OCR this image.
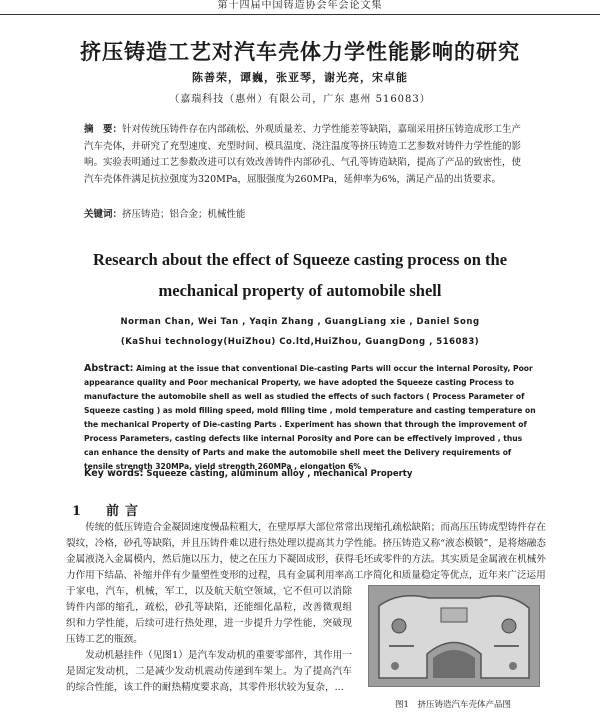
第十四届中国铸造协会年会论文集
挤压铸造工艺对汽车壳体力学性能影响的研究
陈善荣，谭巍，张亚琴，谢光亮，宋卓能
（嘉瑞科技（惠州）有限公司，广东 惠州 516083）
摘　要：针对传统压铸件存在内部疏松、外观质量差、力学性能差等缺陷，嘉瑞采用挤压铸造成形工生产汽车壳体，并研究了充型速度、充型时间、模具温度、浇注温度等挤压铸造工艺参数对铸件力学性能的影响。实验表明通过工艺参数改进可以有效改善铸件内部砂孔、气孔等铸造缺陷，提高了产品的致密性，使汽车壳体件满足抗拉强度为320MPa，屈服强度为260MPa，延伸率为6%，满足产品的出货要求。
关键词：挤压铸造；铝合金；机械性能
Research about the effect of Squeeze casting process on the mechanical property of automobile shell
Norman Chan, Wei Tan , Yaqin Zhang , GuangLiang xie , Daniel Song
(KaShui technology(HuiZhou) Co.ltd,HuiZhou, GuangDong , 516083)
Abstract: Aiming at the issue that conventional Die-casting Parts will occur the internal Porosity, Poor appearance quality and Poor mechanical Property, we have adopted the Squeeze casting Process to manufacture the automobile shell as well as studied the effects of such factors ( Process Parameter of Squeeze casting ) as mold filling speed, mold filling time , mold temperature and casting temperature on the mechanical Property of Die-casting Parts . Experiment has shown that through the improvement of Process Parameters, casting defects like internal Porosity and Pore can be effectively improved , thus can enhance the density of Parts and make the automobile shell meet the Delivery requirements of tensile strength 320MPa, yield strength 260MPa , elongation 6% .
Key words: Squeeze casting, aluminum alloy , mechanical Property
1　前言
传统的低压铸造合金凝固速度慢晶粒粗大，在壁厚厚大部位常常出现缩孔疏松缺陷；而高压压铸成型铸件存在裂纹，冷格，砂孔等缺陷，并且压铸件难以进行热处理以提高其力学性能。挤压铸造又称“液态模锻”，是将熔融态金属液浇入金属模内，然后施以压力，使之在压力下凝固成形，获得毛坯或零件的方法。其实质是金属液在机械外力作用下结晶、补缩并伴有少量塑性变形的过程，具有金属利用率高工序简化和质量稳定等优点，近年来广泛运用

于家电，汽车，机械，军工，以及航天航空领域，它不但可以消除铸件内部的缩孔，疏松，砂孔等缺陷，还能细化晶粒，改善微观组织和力学性能，后续可进行热处理，进一步提升力学性能，突破现压铸工艺的瓶颈。

发动机悬挂件（见图1）是汽车发动机的重要零部件，其作用一是固定发动机，二是减少发动机震动传递到车架上。为了提高汽车的综合性能，该工件的耐热精度要求高，其零件形状较为复杂，...

图1　挤压铸造汽车壳体产品图
